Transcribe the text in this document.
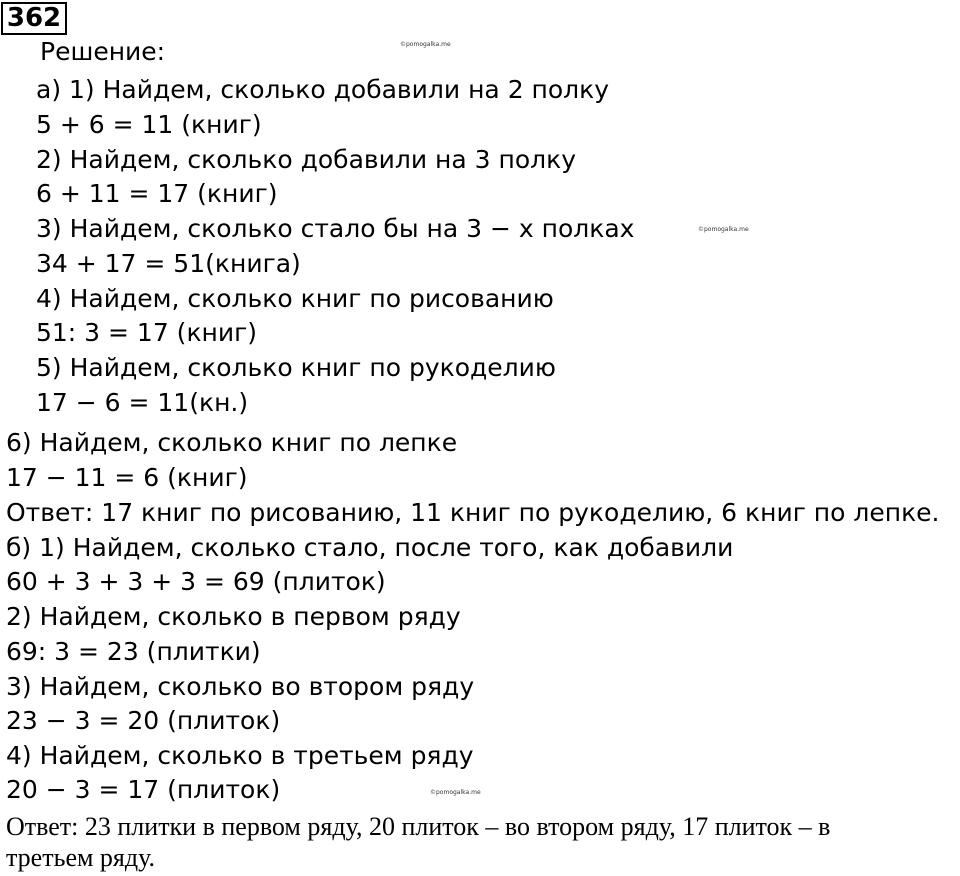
362
©pomogalka.me
©pomogalka.me
©pomogalka.me
Решение:
а) 1) Найдем, сколько добавили на 2 полку
5 + 6 = 11 (книг)
2) Найдем, сколько добавили на 3 полку
6 + 11 = 17 (книг)
3) Найдем, сколько стало бы на 3 − х полках
34 + 17 = 51(книга)
4) Найдем, сколько книг по рисованию
51: 3 = 17 (книг)
5) Найдем, сколько книг по рукоделию
17 − 6 = 11(кн.)
6) Найдем, сколько книг по лепке
17 − 11 = 6 (книг)
Ответ: 17 книг по рисованию, 11 книг по рукоделию, 6 книг по лепке.
б) 1) Найдем, сколько стало, после того, как добавили
60 + 3 + 3 + 3 = 69 (плиток)
2) Найдем, сколько в первом ряду
69: 3 = 23 (плитки)
3) Найдем, сколько во втором ряду
23 − 3 = 20 (плиток)
4) Найдем, сколько в третьем ряду
20 − 3 = 17 (плиток)
Ответ: 23 плитки в первом ряду, 20 плиток – во втором ряду, 17 плиток – в
третьем ряду.
